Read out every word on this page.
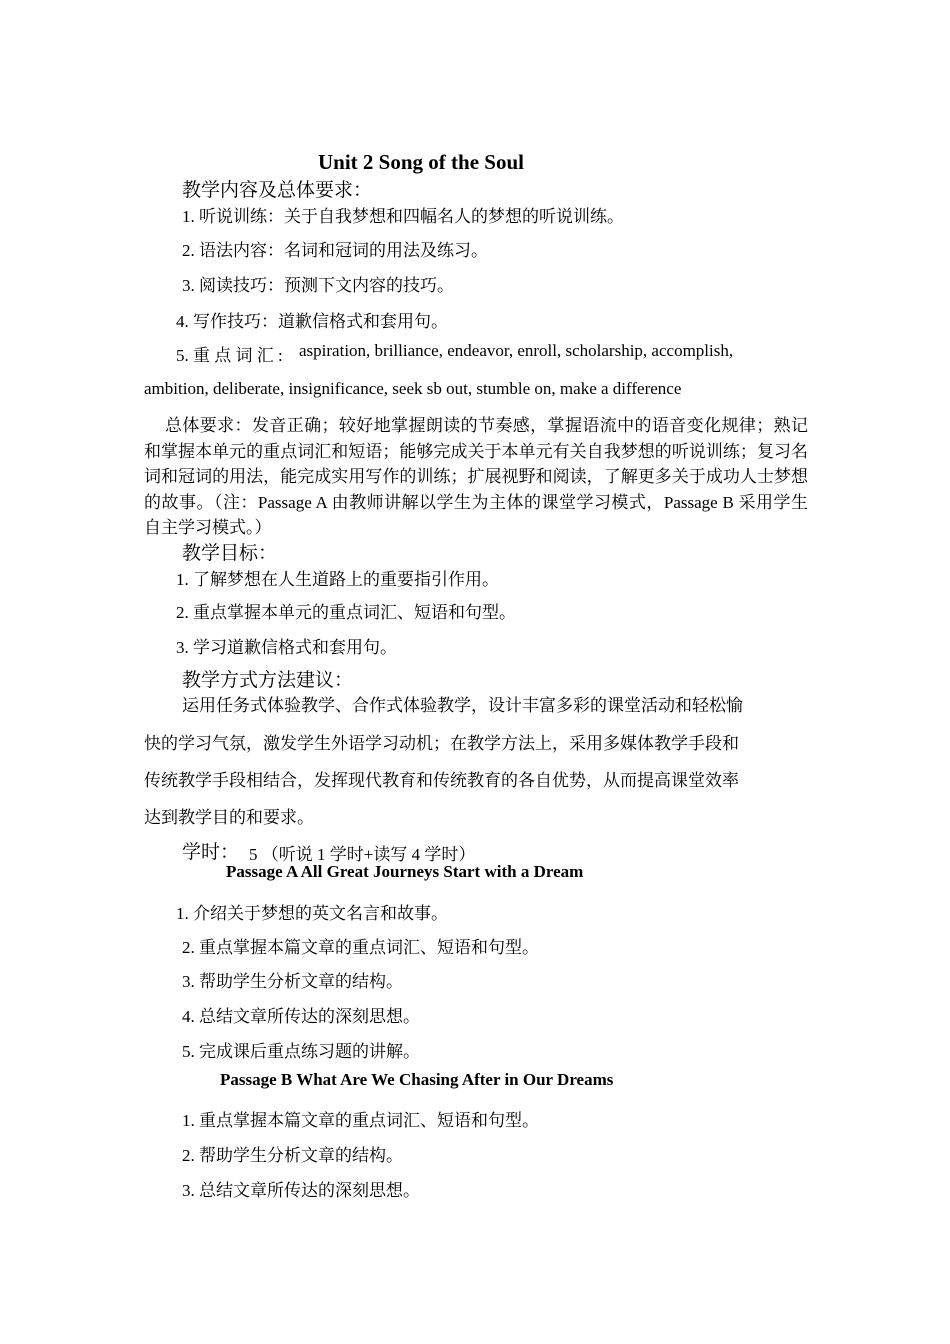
Unit 2 Song of the Soul
教学内容及总体要求：
1. 听说训练：关于自我梦想和四幅名人的梦想的听说训练。
2. 语法内容：名词和冠词的用法及练习。
3. 阅读技巧：预测下文内容的技巧。
4. 写作技巧：道歉信格式和套用句。
5. 重 点 词 汇 : aspiration, brilliance, endeavor, enroll, scholarship, accomplish,
ambition, deliberate, insignificance, seek sb out, stumble on, make a difference
总体要求：发音正确；较好地掌握朗读的节奏感，掌握语流中的语音变化规律；熟记和掌握本单元的重点词汇和短语；能够完成关于本单元有关自我梦想的听说训练；复习名词和冠词的用法，能完成实用写作的训练；扩展视野和阅读，了解更多关于成功人士梦想的故事。（注：Passage A 由教师讲解以学生为主体的课堂学习模式，Passage B 采用学生自主学习模式。）
教学目标：
1. 了解梦想在人生道路上的重要指引作用。
2. 重点掌握本单元的重点词汇、短语和句型。
3. 学习道歉信格式和套用句。
教学方式方法建议：
运用任务式体验教学、合作式体验教学，设计丰富多彩的课堂活动和轻松愉
快的学习气氛，激发学生外语学习动机；在教学方法上，采用多媒体教学手段和
传统教学手段相结合，发挥现代教育和传统教育的各自优势，从而提高课堂效率
达到教学目的和要求。
学时： 5 （听说 1 学时+读写 4 学时）
Passage A All Great Journeys Start with a Dream
1. 介绍关于梦想的英文名言和故事。
2. 重点掌握本篇文章的重点词汇、短语和句型。
3. 帮助学生分析文章的结构。
4. 总结文章所传达的深刻思想。
5. 完成课后重点练习题的讲解。
Passage B What Are We Chasing After in Our Dreams
1. 重点掌握本篇文章的重点词汇、短语和句型。
2. 帮助学生分析文章的结构。
3. 总结文章所传达的深刻思想。
